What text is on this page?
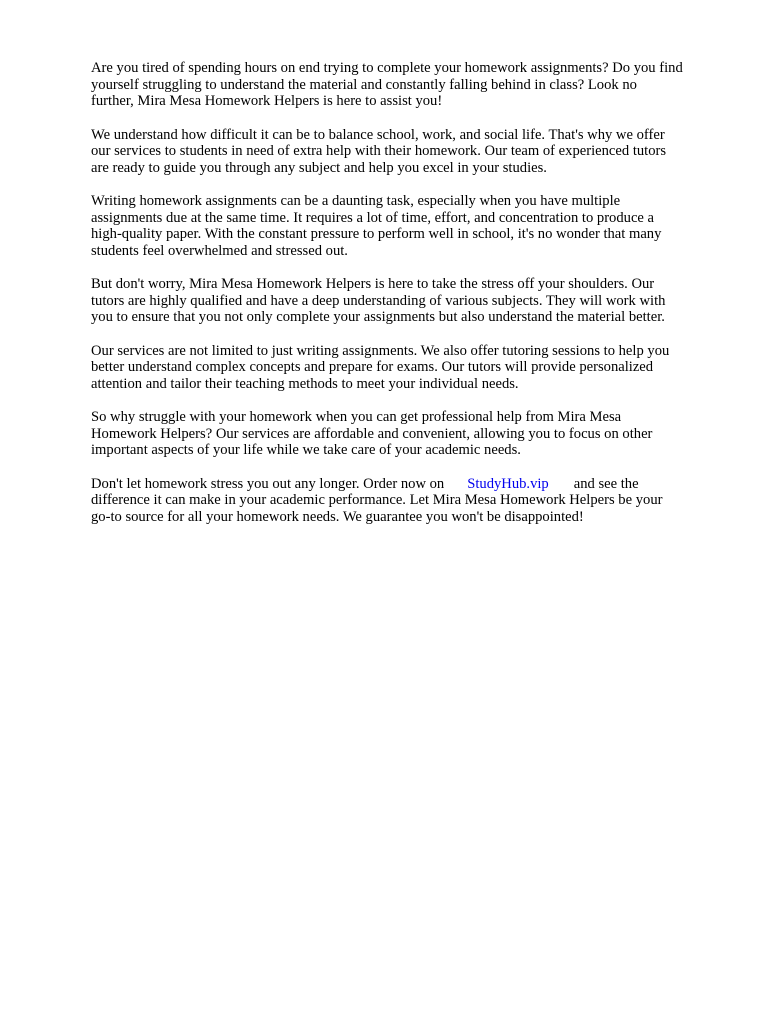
Are you tired of spending hours on end trying to complete your homework assignments? Do you find
yourself struggling to understand the material and constantly falling behind in class? Look no
further, Mira Mesa Homework Helpers is here to assist you!

We understand how difficult it can be to balance school, work, and social life. That's why we offer
our services to students in need of extra help with their homework. Our team of experienced tutors
are ready to guide you through any subject and help you excel in your studies.

Writing homework assignments can be a daunting task, especially when you have multiple
assignments due at the same time. It requires a lot of time, effort, and concentration to produce a
high-quality paper. With the constant pressure to perform well in school, it's no wonder that many
students feel overwhelmed and stressed out.

But don't worry, Mira Mesa Homework Helpers is here to take the stress off your shoulders. Our
tutors are highly qualified and have a deep understanding of various subjects. They will work with
you to ensure that you not only complete your assignments but also understand the material better.

Our services are not limited to just writing assignments. We also offer tutoring sessions to help you
better understand complex concepts and prepare for exams. Our tutors will provide personalized
attention and tailor their teaching methods to meet your individual needs.

So why struggle with your homework when you can get professional help from Mira Mesa
Homework Helpers? Our services are affordable and convenient, allowing you to focus on other
important aspects of your life while we take care of your academic needs.

Don't let homework stress you out any longer. Order now on StudyHub.vip and see the
difference it can make in your academic performance. Let Mira Mesa Homework Helpers be your
go-to source for all your homework needs. We guarantee you won't be disappointed!
